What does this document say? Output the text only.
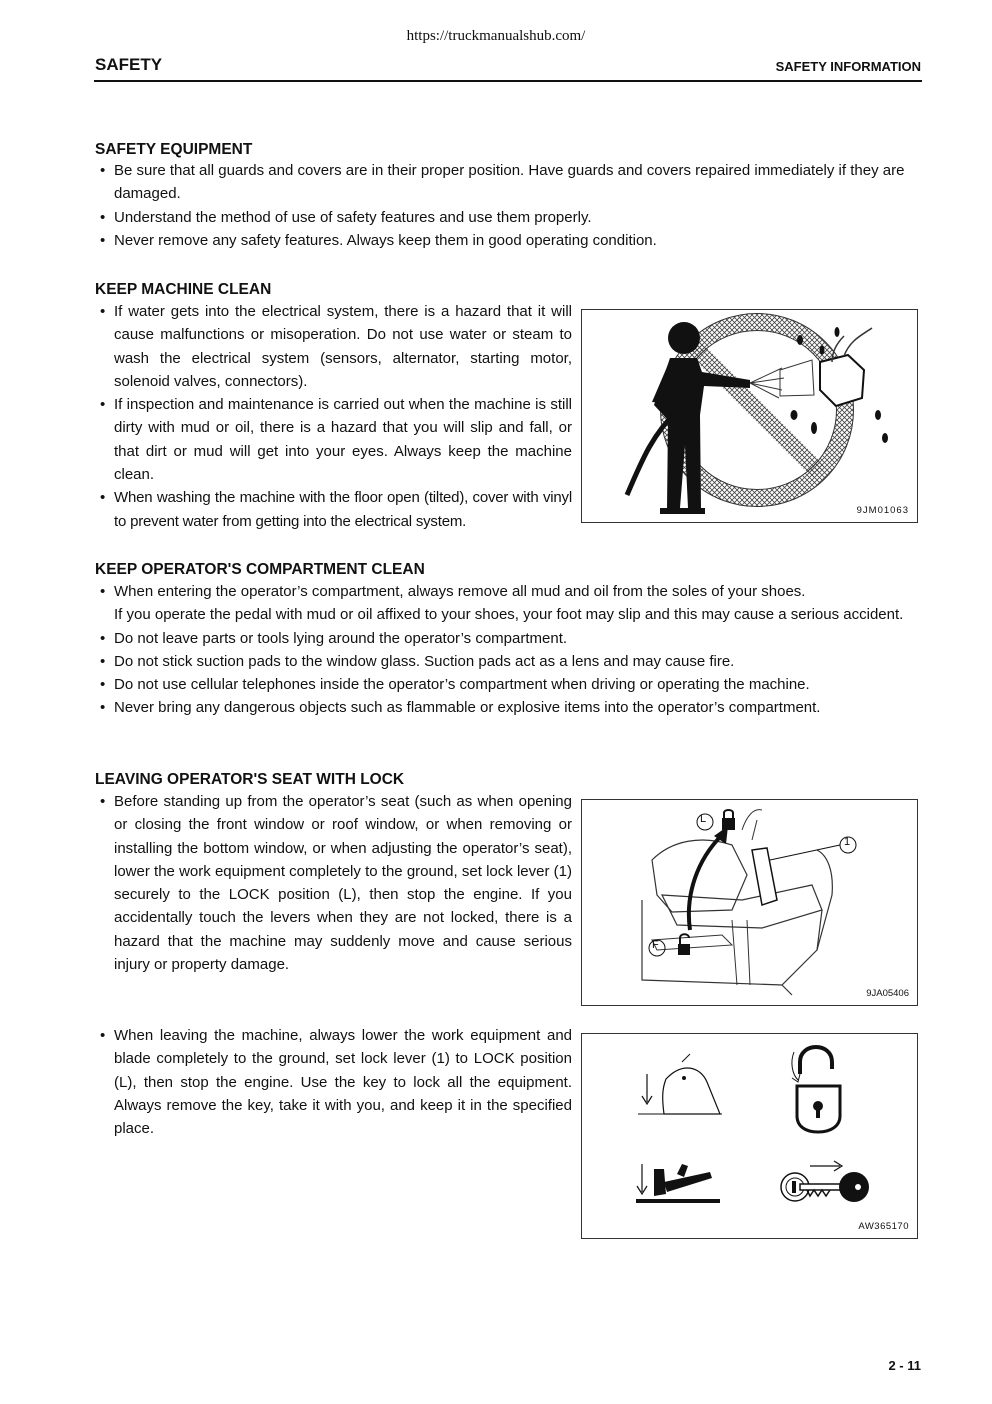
https://truckmanualshub.com/
SAFETY	SAFETY INFORMATION
SAFETY EQUIPMENT
• Be sure that all guards and covers are in their proper position. Have guards and covers repaired immediately if they are damaged.
• Understand the method of use of safety features and use them properly.
• Never remove any safety features. Always keep them in good operating condition.
KEEP MACHINE CLEAN
• If water gets into the electrical system, there is a hazard that it will cause malfunctions or misoperation. Do not use water or steam to wash the electrical system (sensors, alternator, starting motor, solenoid valves, connectors).
• If inspection and maintenance is carried out when the machine is still dirty with mud or oil, there is a hazard that you will slip and fall, or that dirt or mud will get into your eyes. Always keep the machine clean.
• When washing the machine with the floor open (tilted), cover with vinyl to prevent water from getting into the electrical system.
9JM01063
KEEP OPERATOR'S COMPARTMENT CLEAN
• When entering the operator’s compartment, always remove all mud and oil from the soles of your shoes.
If you operate the pedal with mud or oil affixed to your shoes, your foot may slip and this may cause a serious accident.
• Do not leave parts or tools lying around the operator’s compartment.
• Do not stick suction pads to the window glass. Suction pads act as a lens and may cause fire.
• Do not use cellular telephones inside the operator’s compartment when driving or operating the machine.
• Never bring any dangerous objects such as flammable or explosive items into the operator’s compartment.
LEAVING OPERATOR'S SEAT WITH LOCK
• Before standing up from the operator’s seat (such as when opening or closing the front window or roof window, or when removing or installing the bottom window, or when adjusting the operator’s seat), lower the work equipment completely to the ground, set lock lever (1) securely to the LOCK position (L), then stop the engine. If you accidentally touch the levers when they are not locked, there is a hazard that the machine may suddenly move and cause serious injury or property damage.
• When leaving the machine, always lower the work equipment and blade completely to the ground, set lock lever (1) to LOCK position (L), then stop the engine. Use the key to lock all the equipment. Always remove the key, take it with you, and keep it in the specified place.
L
F
1
9JA05406
AW365170
2 - 11
